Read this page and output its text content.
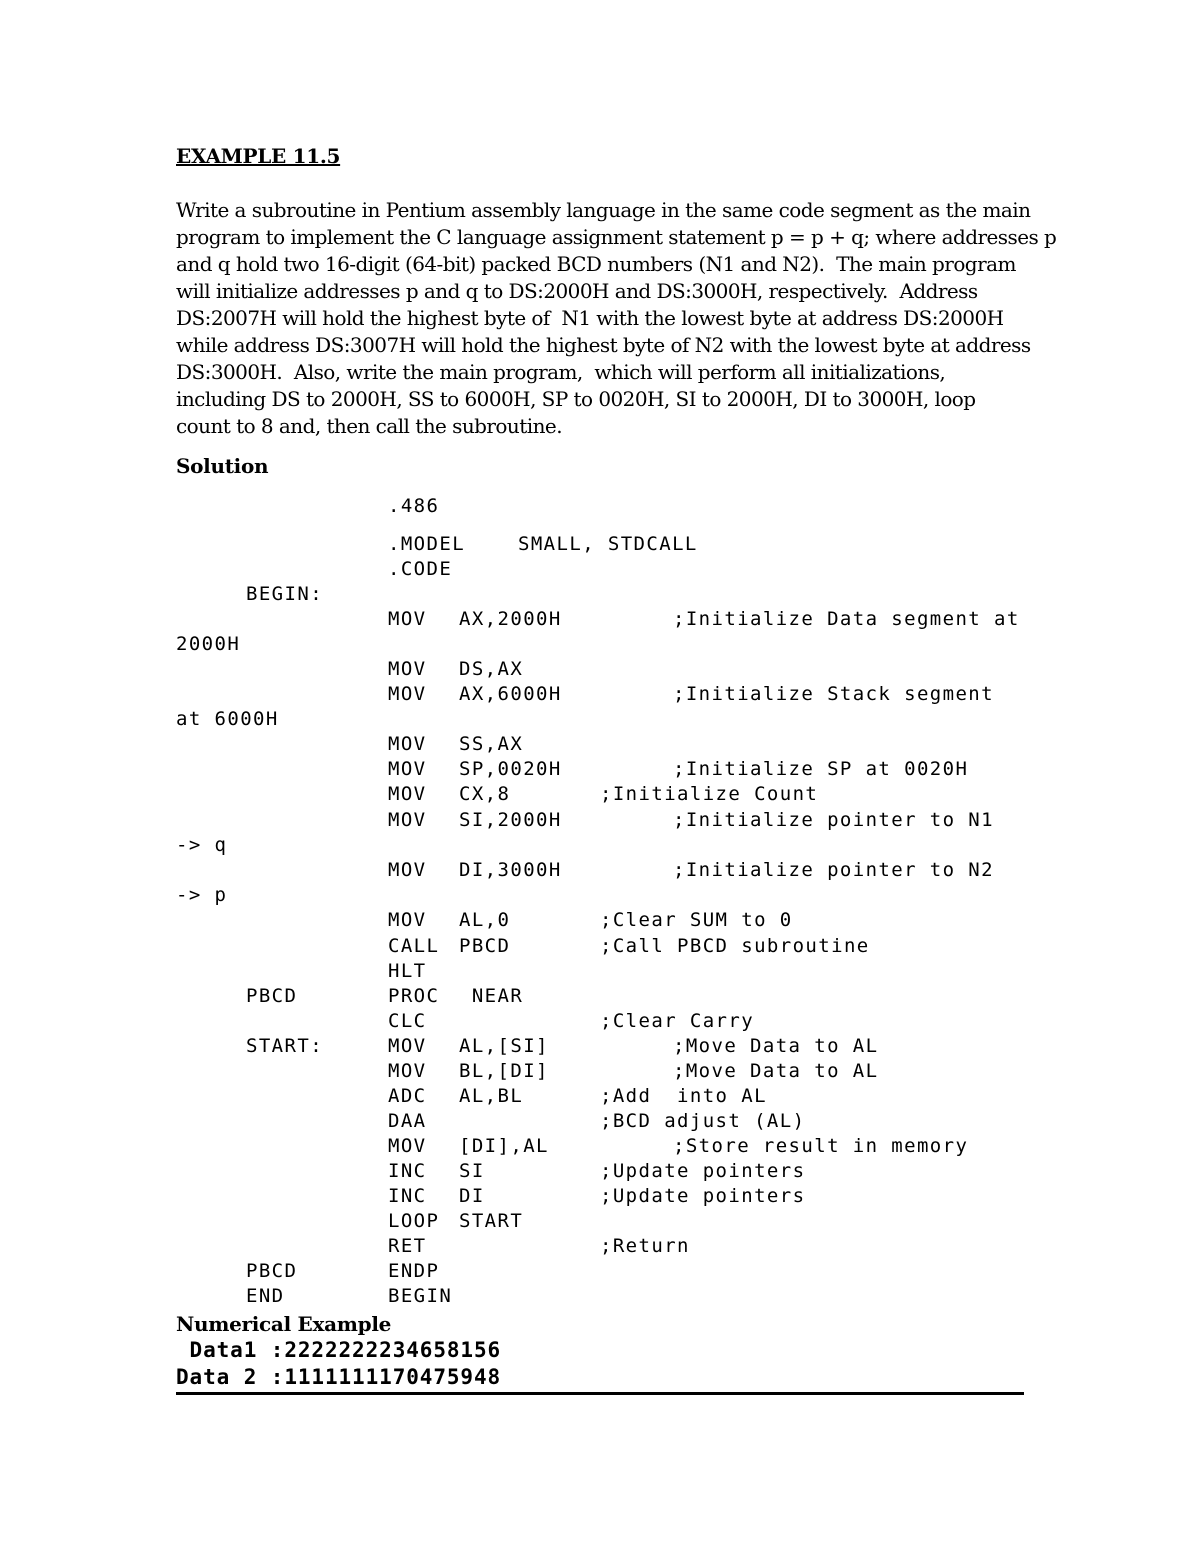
EXAMPLE 11.5
Write a subroutine in Pentium assembly language in the same code segment as the main
program to implement the C language assignment statement p = p + q; where addresses p
and q hold two 16-digit (64-bit) packed BCD numbers (N1 and N2).  The main program
will initialize addresses p and q to DS:2000H and DS:3000H, respectively.  Address
DS:2007H will hold the highest byte of  N1 with the lowest byte at address DS:2000H
while address DS:3007H will hold the highest byte of N2 with the lowest byte at address
DS:3000H.  Also, write the main program,  which will perform all initializations,
including DS to 2000H, SS to 6000H, SP to 0020H, SI to 2000H, DI to 3000H, loop
count to 8 and, then call the subroutine.
Solution
.486
.MODEL	SMALL, STDCALL
.CODE
BEGIN:
MOV AX,2000H	;Initialize Data segment at
2000H
MOV DS,AX
MOV AX,6000H	;Initialize Stack segment
at 6000H
MOV SS,AX
MOV SP,0020H	;Initialize SP at 0020H
MOV CX,8	;Initialize Count
MOV SI,2000H	;Initialize pointer to N1
-> q
MOV DI,3000H	;Initialize pointer to N2
-> p
MOV AL,0	;Clear SUM to 0
CALL PBCD	;Call PBCD subroutine
HLT
PBCD	PROC NEAR
CLC	;Clear Carry
START:	MOV AL,[SI]	;Move Data to AL
MOV BL,[DI]	;Move Data to AL
ADC AL,BL	;Add  into AL
DAA	;BCD adjust (AL)
MOV [DI],AL	;Store result in memory
INC SI	;Update pointers
INC DI	;Update pointers
LOOP START
RET	;Return
PBCD	ENDP
END	BEGIN
Numerical Example
Data1 :2222222234658156
Data 2 :1111111170475948
